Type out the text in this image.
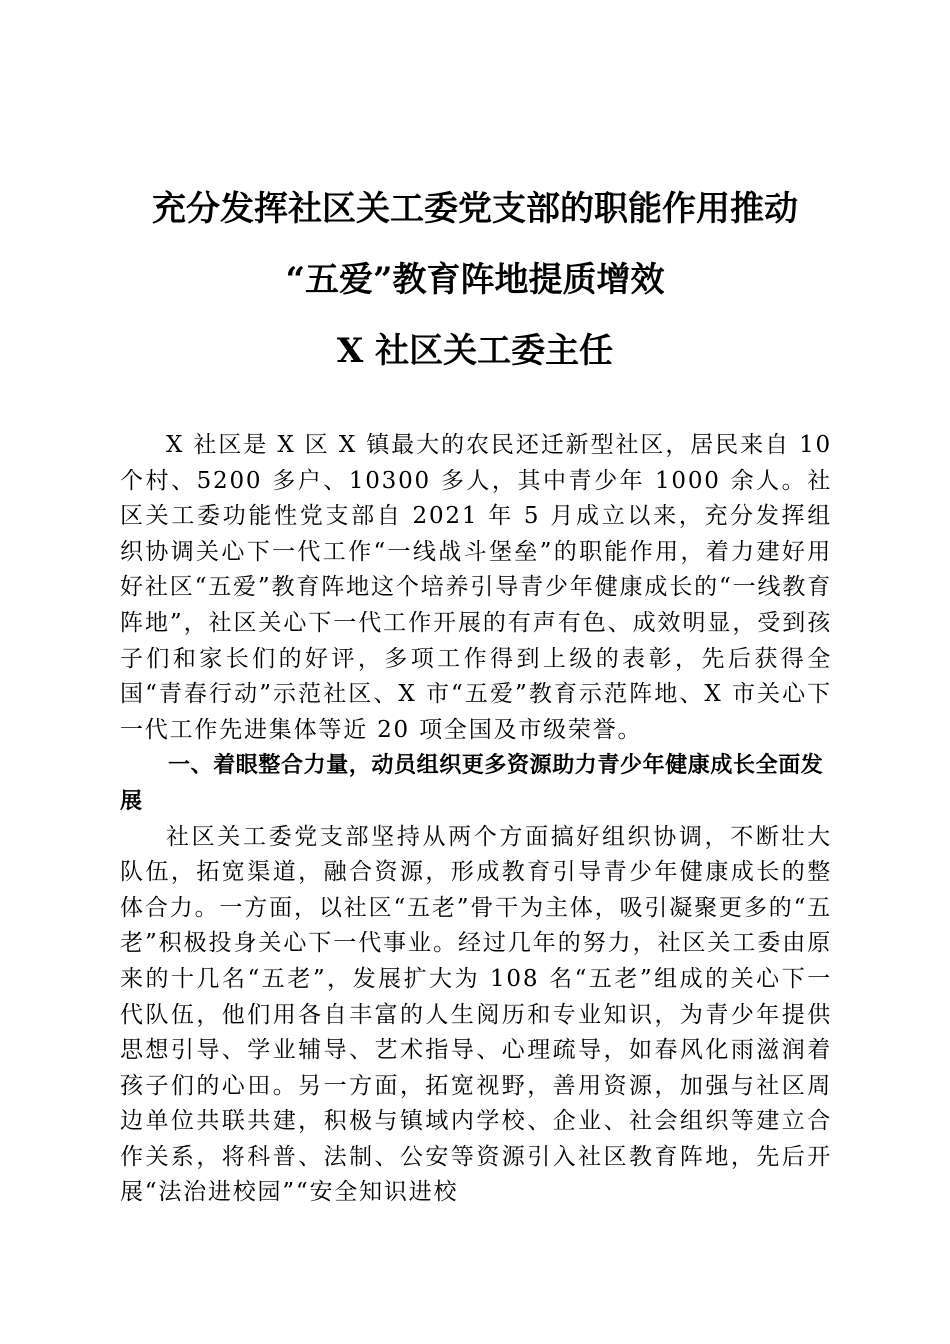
充分发挥社区关工委党支部的职能作用推动
“五爱”教育阵地提质增效
X 社区关工委主任

X 社区是 X 区 X 镇最大的农民还迁新型社区，居民来自 10 个村、5200 多户、10300 多人，其中青少年 1000 余人。社区关工委功能性党支部自 2021 年 5 月成立以来，充分发挥组织协调关心下一代工作“一线战斗堡垒”的职能作用，着力建好用好社区“五爱”教育阵地这个培养引导青少年健康成长的“一线教育阵地”，社区关心下一代工作开展的有声有色、成效明显，受到孩子们和家长们的好评，多项工作得到上级的表彰，先后获得全国“青春行动”示范社区、X 市“五爱”教育示范阵地、X 市关心下一代工作先进集体等近 20 项全国及市级荣誉。

一、着眼整合力量，动员组织更多资源助力青少年健康成长全面发展

社区关工委党支部坚持从两个方面搞好组织协调，不断壮大队伍，拓宽渠道，融合资源，形成教育引导青少年健康成长的整体合力。一方面，以社区“五老”骨干为主体，吸引凝聚更多的“五老”积极投身关心下一代事业。经过几年的努力，社区关工委由原来的十几名“五老”，发展扩大为 108 名“五老”组成的关心下一代队伍，他们用各自丰富的人生阅历和专业知识，为青少年提供思想引导、学业辅导、艺术指导、心理疏导，如春风化雨滋润着孩子们的心田。另一方面，拓宽视野，善用资源，加强与社区周边单位共联共建，积极与镇域内学校、企业、社会组织等建立合作关系，将科普、法制、公安等资源引入社区教育阵地，先后开展“法治进校园”“安全知识进校
